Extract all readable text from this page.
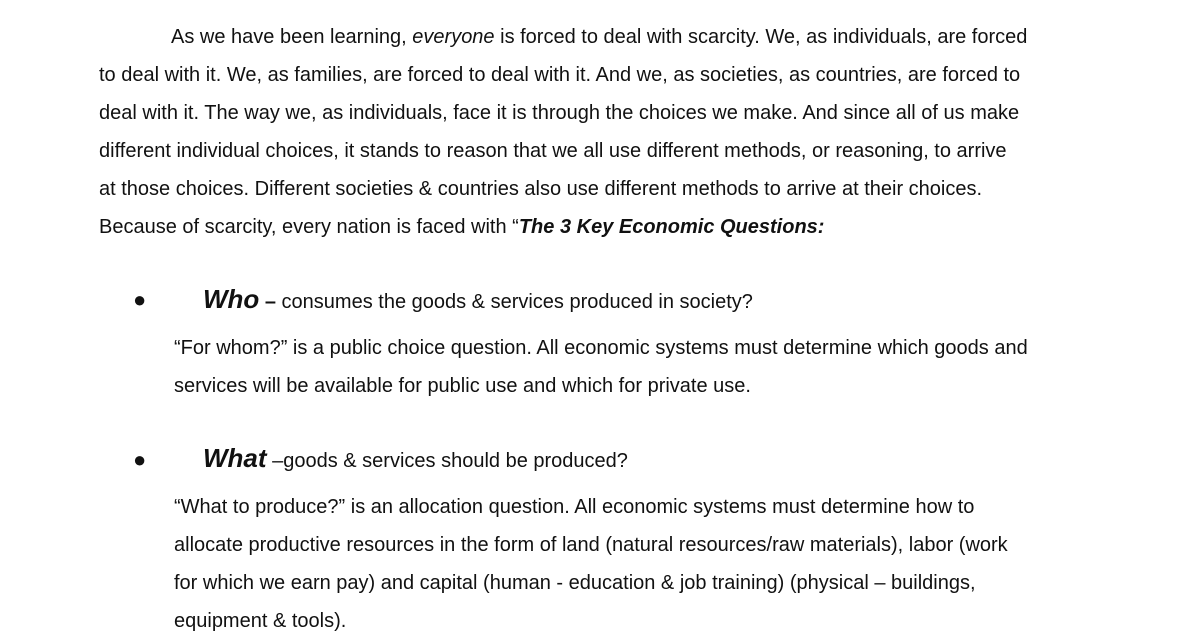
As we have been learning, everyone is forced to deal with scarcity. We, as individuals, are forced
to deal with it. We, as families, are forced to deal with it. And we, as societies, as countries, are forced to
deal with it. The way we, as individuals, face it is through the choices we make. And since all of us make
different individual choices, it stands to reason that we all use different methods, or reasoning, to arrive
at those choices. Different societies & countries also use different methods to arrive at their choices.
Because of scarcity, every nation is faced with “The 3 Key Economic Questions:
● Who – consumes the goods & services produced in society?
“For whom?” is a public choice question. All economic systems must determine which goods and
services will be available for public use and which for private use.
● What –goods & services should be produced?
“What to produce?” is an allocation question. All economic systems must determine how to
allocate productive resources in the form of land (natural resources/raw materials), labor (work
for which we earn pay) and capital (human - education & job training) (physical – buildings,
equipment & tools).
